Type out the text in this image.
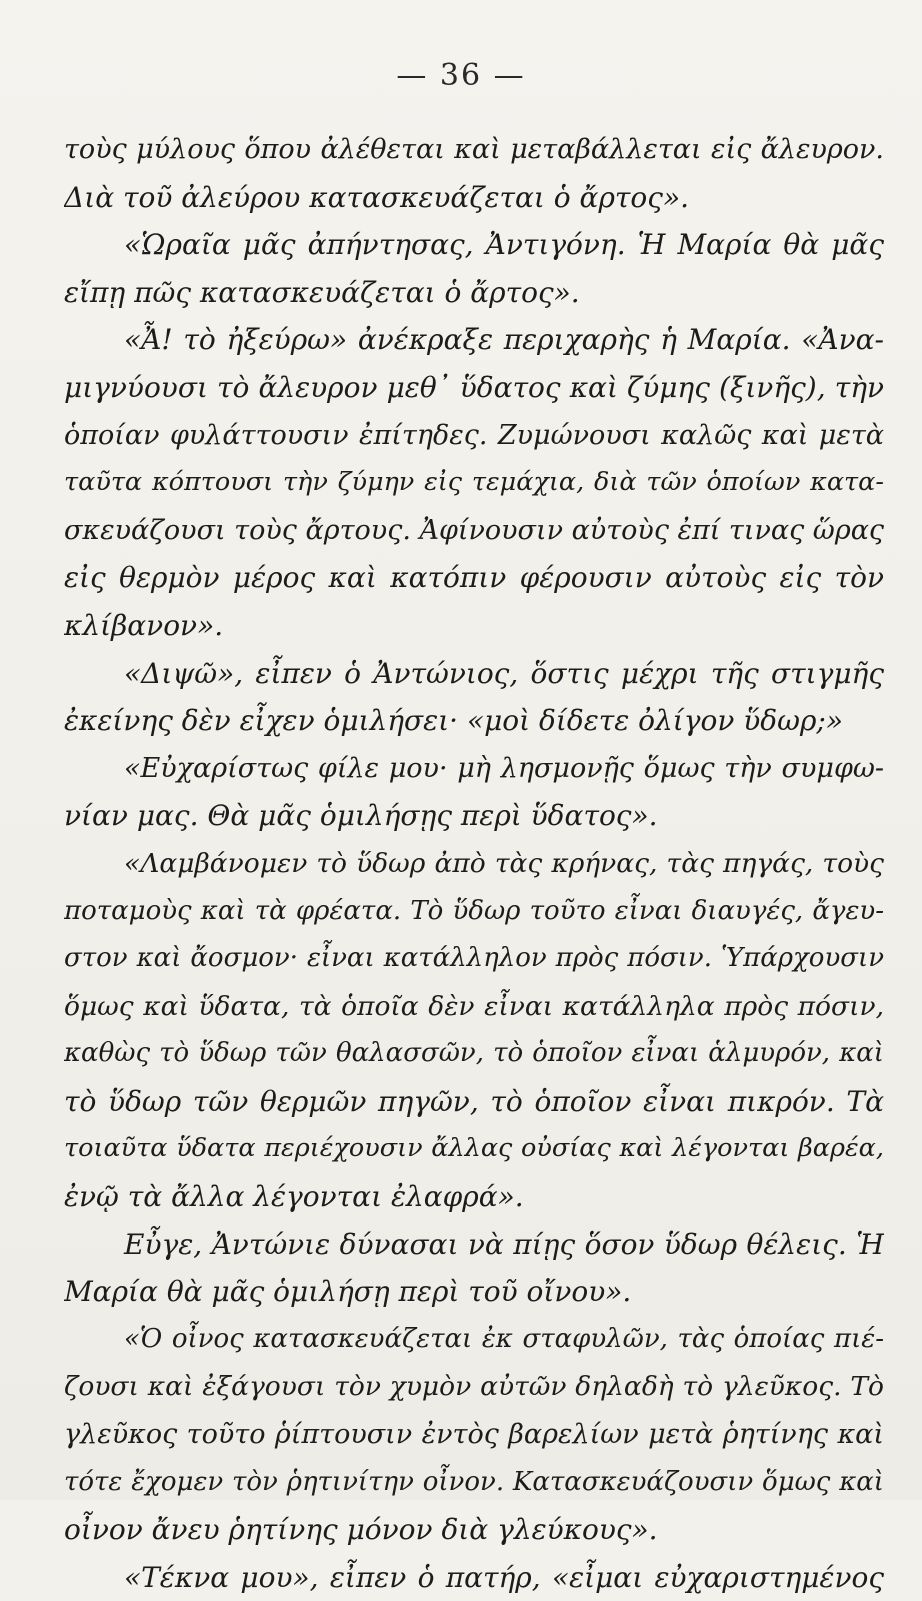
— 36 —
τοὺς μύλους ὅπου ἀλέθεται καὶ μεταβάλλεται εἰς ἄλευρον.
Διὰ τοῦ ἀλεύρου κατασκευάζεται ὁ ἄρτος».
«Ὡραῖα μᾶς ἀπήντησας, Ἀντιγόνη. Ἡ Μαρία θὰ μᾶς
εἴπῃ πῶς κατασκευάζεται ὁ ἄρτος».
«Ἆ! τὸ ἠξεύρω» ἀνέκραξε περιχαρὴς ἡ Μαρία. «Ἀνα-
μιγνύουσι τὸ ἄλευρον μεθ᾽ ὕδατος καὶ ζύμης (ξινῆς), τὴν
ὁποίαν φυλάττουσιν ἐπίτηδες. Ζυμώνουσι καλῶς καὶ μετὰ
ταῦτα κόπτουσι τὴν ζύμην εἰς τεμάχια, διὰ τῶν ὁποίων κατα-
σκευάζουσι τοὺς ἄρτους. Ἀφίνουσιν αὐτοὺς ἐπί τινας ὥρας
εἰς θερμὸν μέρος καὶ κατόπιν φέρουσιν αὐτοὺς εἰς τὸν
κλίβανον».
«Διψῶ», εἶπεν ὁ Ἀντώνιος, ὅστις μέχρι τῆς στιγμῆς
ἐκείνης δὲν εἶχεν ὁμιλήσει· «μοὶ δίδετε ὀλίγον ὕδωρ;»
«Εὐχαρίστως φίλε μου· μὴ λησμονῇς ὅμως τὴν συμφω-
νίαν μας. Θὰ μᾶς ὁμιλήσῃς περὶ ὕδατος».
«Λαμβάνομεν τὸ ὕδωρ ἀπὸ τὰς κρήνας, τὰς πηγάς, τοὺς
ποταμοὺς καὶ τὰ φρέατα. Τὸ ὕδωρ τοῦτο εἶναι διαυγές, ἄγευ-
στον καὶ ἄοσμον· εἶναι κατάλληλον πρὸς πόσιν. Ὑπάρχουσιν
ὅμως καὶ ὕδατα, τὰ ὁποῖα δὲν εἶναι κατάλληλα πρὸς πόσιν,
καθὼς τὸ ὕδωρ τῶν θαλασσῶν, τὸ ὁποῖον εἶναι ἁλμυρόν, καὶ
τὸ ὕδωρ τῶν θερμῶν πηγῶν, τὸ ὁποῖον εἶναι πικρόν. Τὰ
τοιαῦτα ὕδατα περιέχουσιν ἄλλας οὐσίας καὶ λέγονται βαρέα,
ἐνῷ τὰ ἄλλα λέγονται ἐλαφρά».
Εὖγε, Ἀντώνιε δύνασαι νὰ πίῃς ὅσον ὕδωρ θέλεις. Ἡ
Μαρία θὰ μᾶς ὁμιλήσῃ περὶ τοῦ οἴνου».
«Ὁ οἶνος κατασκευάζεται ἐκ σταφυλῶν, τὰς ὁποίας πιέ-
ζουσι καὶ ἐξάγουσι τὸν χυμὸν αὐτῶν δηλαδὴ τὸ γλεῦκος. Τὸ
γλεῦκος τοῦτο ῥίπτουσιν ἐντὸς βαρελίων μετὰ ῥητίνης καὶ
τότε ἔχομεν τὸν ῥητινίτην οἶνον. Κατασκευάζουσιν ὅμως καὶ
οἶνον ἄνευ ῥητίνης μόνον διὰ γλεύκους».
«Τέκνα μου», εἶπεν ὁ πατήρ, «εἶμαι εὐχαριστημένος
